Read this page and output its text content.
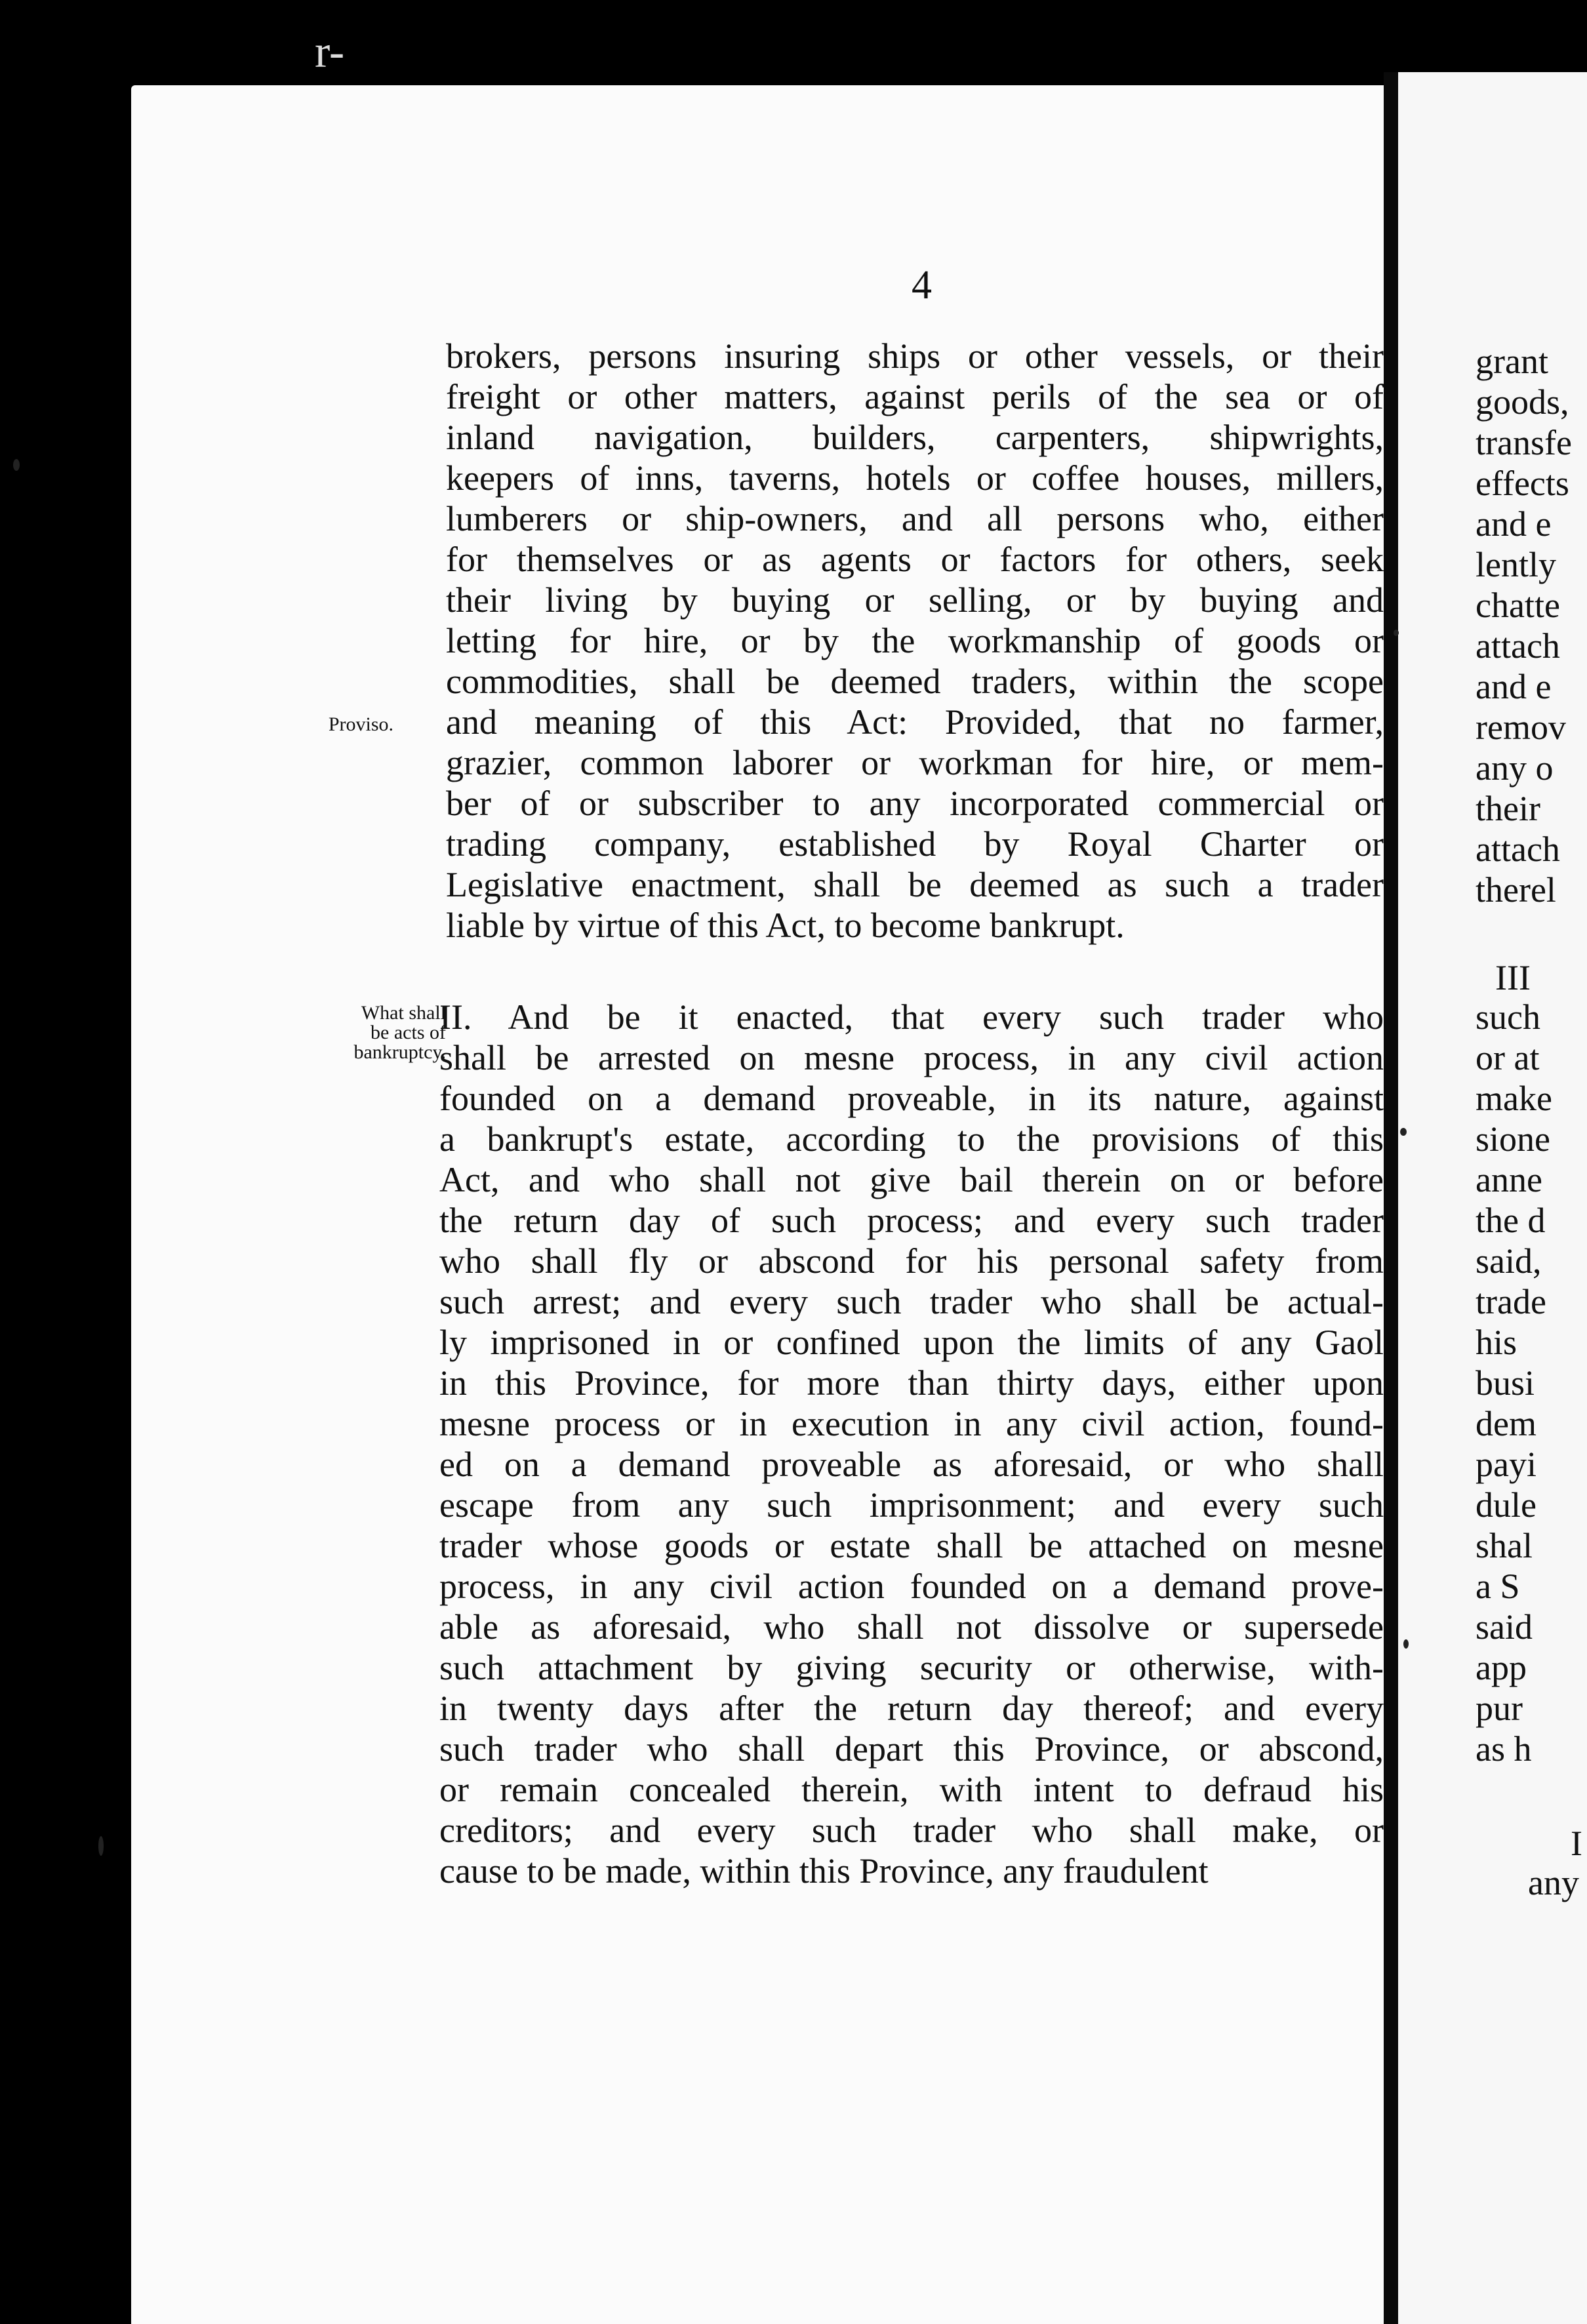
r-
4
brokers, persons insuring ships or other vessels, or their
freight or other matters, against perils of the sea or of
inland navigation, builders, carpenters, shipwrights,
keepers of inns, taverns, hotels or coffee houses, millers,
lumberers or ship-owners, and all persons who, either
for themselves or as agents or factors for others, seek
their living by buying or selling, or by buying and
letting for hire, or by the workmanship of goods or
commodities, shall be deemed traders, within the scope
and meaning of this Act: Provided, that no farmer,
grazier, common laborer or workman for hire, or mem-
ber of or subscriber to any incorporated commercial or
trading company, established by Royal Charter or
Legislative enactment, shall be deemed as such a trader
liable by virtue of this Act, to become bankrupt.
Proviso.
What shall
be acts of
bankruptcy.
II. And be it enacted, that every such trader who
shall be arrested on mesne process, in any civil action
founded on a demand proveable, in its nature, against
a bankrupt's estate, according to the provisions of this
Act, and who shall not give bail therein on or before
the return day of such process; and every such trader
who shall fly or abscond for his personal safety from
such arrest; and every such trader who shall be actual-
ly imprisoned in or confined upon the limits of any Gaol
in this Province, for more than thirty days, either upon
mesne process or in execution in any civil action, found-
ed on a demand proveable as aforesaid, or who shall
escape from any such imprisonment; and every such
trader whose goods or estate shall be attached on mesne
process, in any civil action founded on a demand prove-
able as aforesaid, who shall not dissolve or supersede
such attachment by giving security or otherwise, with-
in twenty days after the return day thereof; and every
such trader who shall depart this Province, or abscond,
or remain concealed therein, with intent to defraud his
creditors; and every such trader who shall make, or
cause to be made, within this Province, any fraudulent
grant
goods,
transfe
effects
and e
lently
chatte
attach
and e
remov
any o
their
attach
therel
III
such
or at
make
sione
anne
the d
said,
trade
his
busi
dem
payi
dule
shal
a S
said
app
pur
as h
I
any
